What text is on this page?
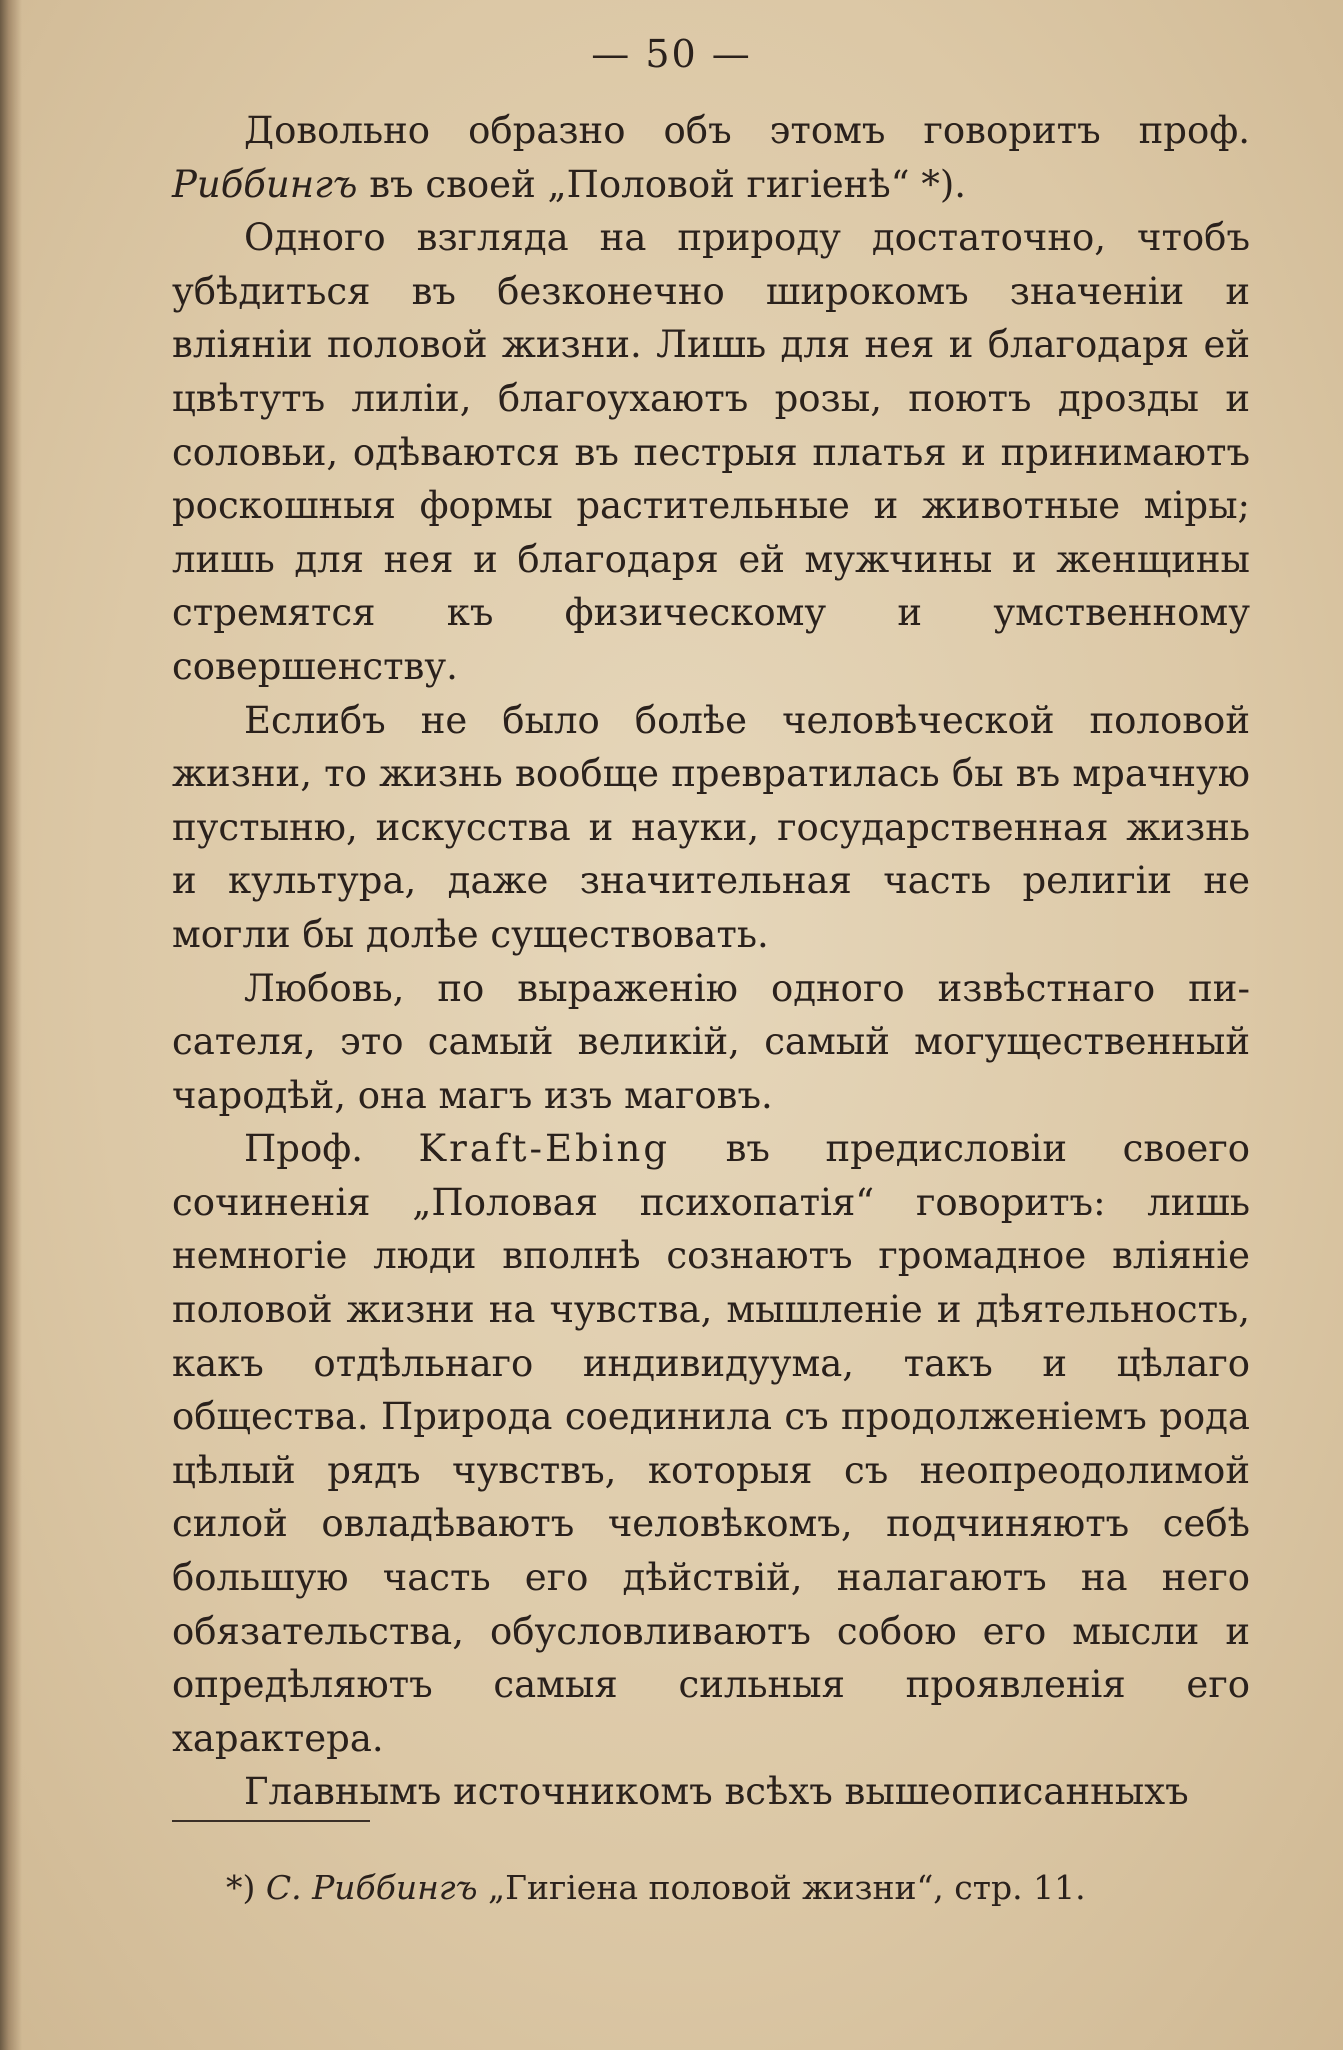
— 50 —

Довольно образно объ этомъ говоритъ проф. Риббингъ въ своей „Половой гигіенѣ“ *).

Одного взгляда на природу достаточно, чтобъ убѣдиться въ безконечно широкомъ значеніи и вліяніи половой жизни. Лишь для нея и благодаря ей цвѣтутъ лиліи, благоухаютъ розы, поютъ дрозды и соловьи, одѣваются въ пестрыя платья и принимаютъ роскошныя формы растительные и животные міры; лишь для нея и благодаря ей мужчины и женщины стремятся къ физическому и умственному совершенству.

Еслибъ не было болѣе человѣческой половой жизни, то жизнь вообще превратилась бы въ мрачную пустыню, искусства и науки, государственная жизнь и культура, даже значительная часть религіи не могли бы долѣе существовать.

Любовь, по выраженію одного извѣстнаго писателя, это самый великій, самый могущественный чародѣй, она магъ изъ маговъ.

Проф. Kraft-Ebing въ предисловіи своего сочиненія „Половая психопатія“ говоритъ: лишь немногіе люди вполнѣ сознаютъ громадное вліяніе половой жизни на чувства, мышленіе и дѣятельность, какъ отдѣльнаго индивидуума, такъ и цѣлаго общества. Природа соединила съ продолженіемъ рода цѣлый рядъ чувствъ, которыя съ неопреодолимой силой овладѣваютъ человѣкомъ, подчиняютъ себѣ большую часть его дѣйствій, налагаютъ на него обязательства, обусловливаютъ собою его мысли и опредѣляютъ самыя сильныя проявленія его характера.

Главнымъ источникомъ всѣхъ вышеописанныхъ

*) С. Риббингъ „Гигіена половой жизни“, стр. 11.
